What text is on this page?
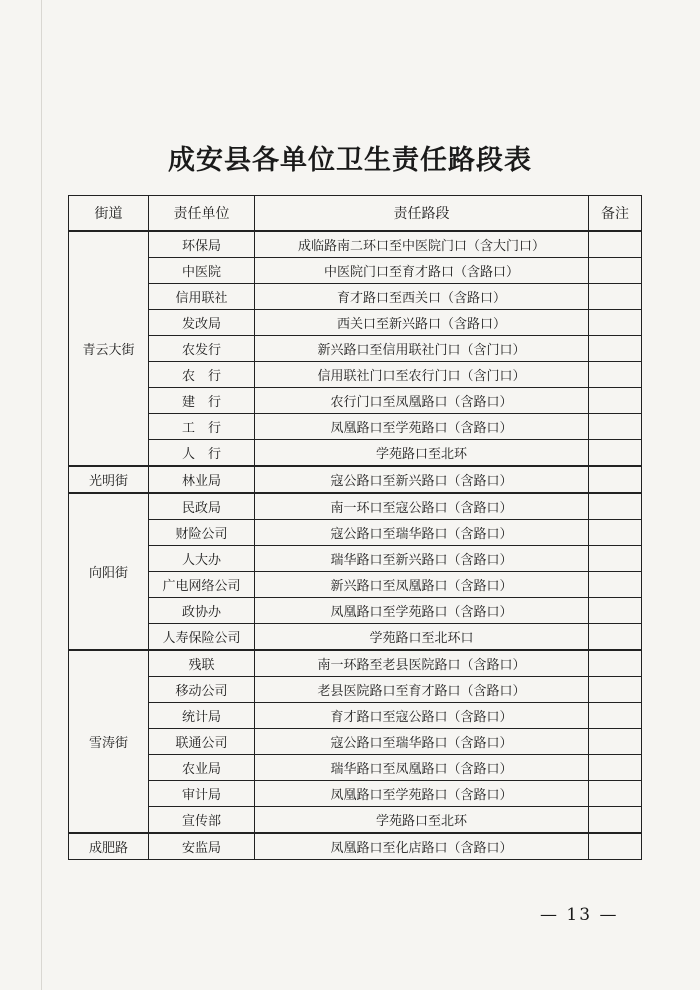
成安县各单位卫生责任路段表
街道	责任单位	责任路段	备注
青云大街	环保局	成临路南二环口至中医院门口（含大门口）	
	中医院	中医院门口至育才路口（含路口）	
	信用联社	育才路口至西关口（含路口）	
	发改局	西关口至新兴路口（含路口）	
	农发行	新兴路口至信用联社门口（含门口）	
	农　行	信用联社门口至农行门口（含门口）	
	建　行	农行门口至凤凰路口（含路口）	
	工　行	凤凰路口至学苑路口（含路口）	
	人　行	学苑路口至北环	
光明街	林业局	寇公路口至新兴路口（含路口）	
向阳街	民政局	南一环口至寇公路口（含路口）	
	财险公司	寇公路口至瑞华路口（含路口）	
	人大办	瑞华路口至新兴路口（含路口）	
	广电网络公司	新兴路口至凤凰路口（含路口）	
	政协办	凤凰路口至学苑路口（含路口）	
	人寿保险公司	学苑路口至北环口	
雪涛街	残联	南一环路至老县医院路口（含路口）	
	移动公司	老县医院路口至育才路口（含路口）	
	统计局	育才路口至寇公路口（含路口）	
	联通公司	寇公路口至瑞华路口（含路口）	
	农业局	瑞华路口至凤凰路口（含路口）	
	审计局	凤凰路口至学苑路口（含路口）	
	宣传部	学苑路口至北环	
成肥路	安监局	凤凰路口至化店路口（含路口）	
— 13 —
